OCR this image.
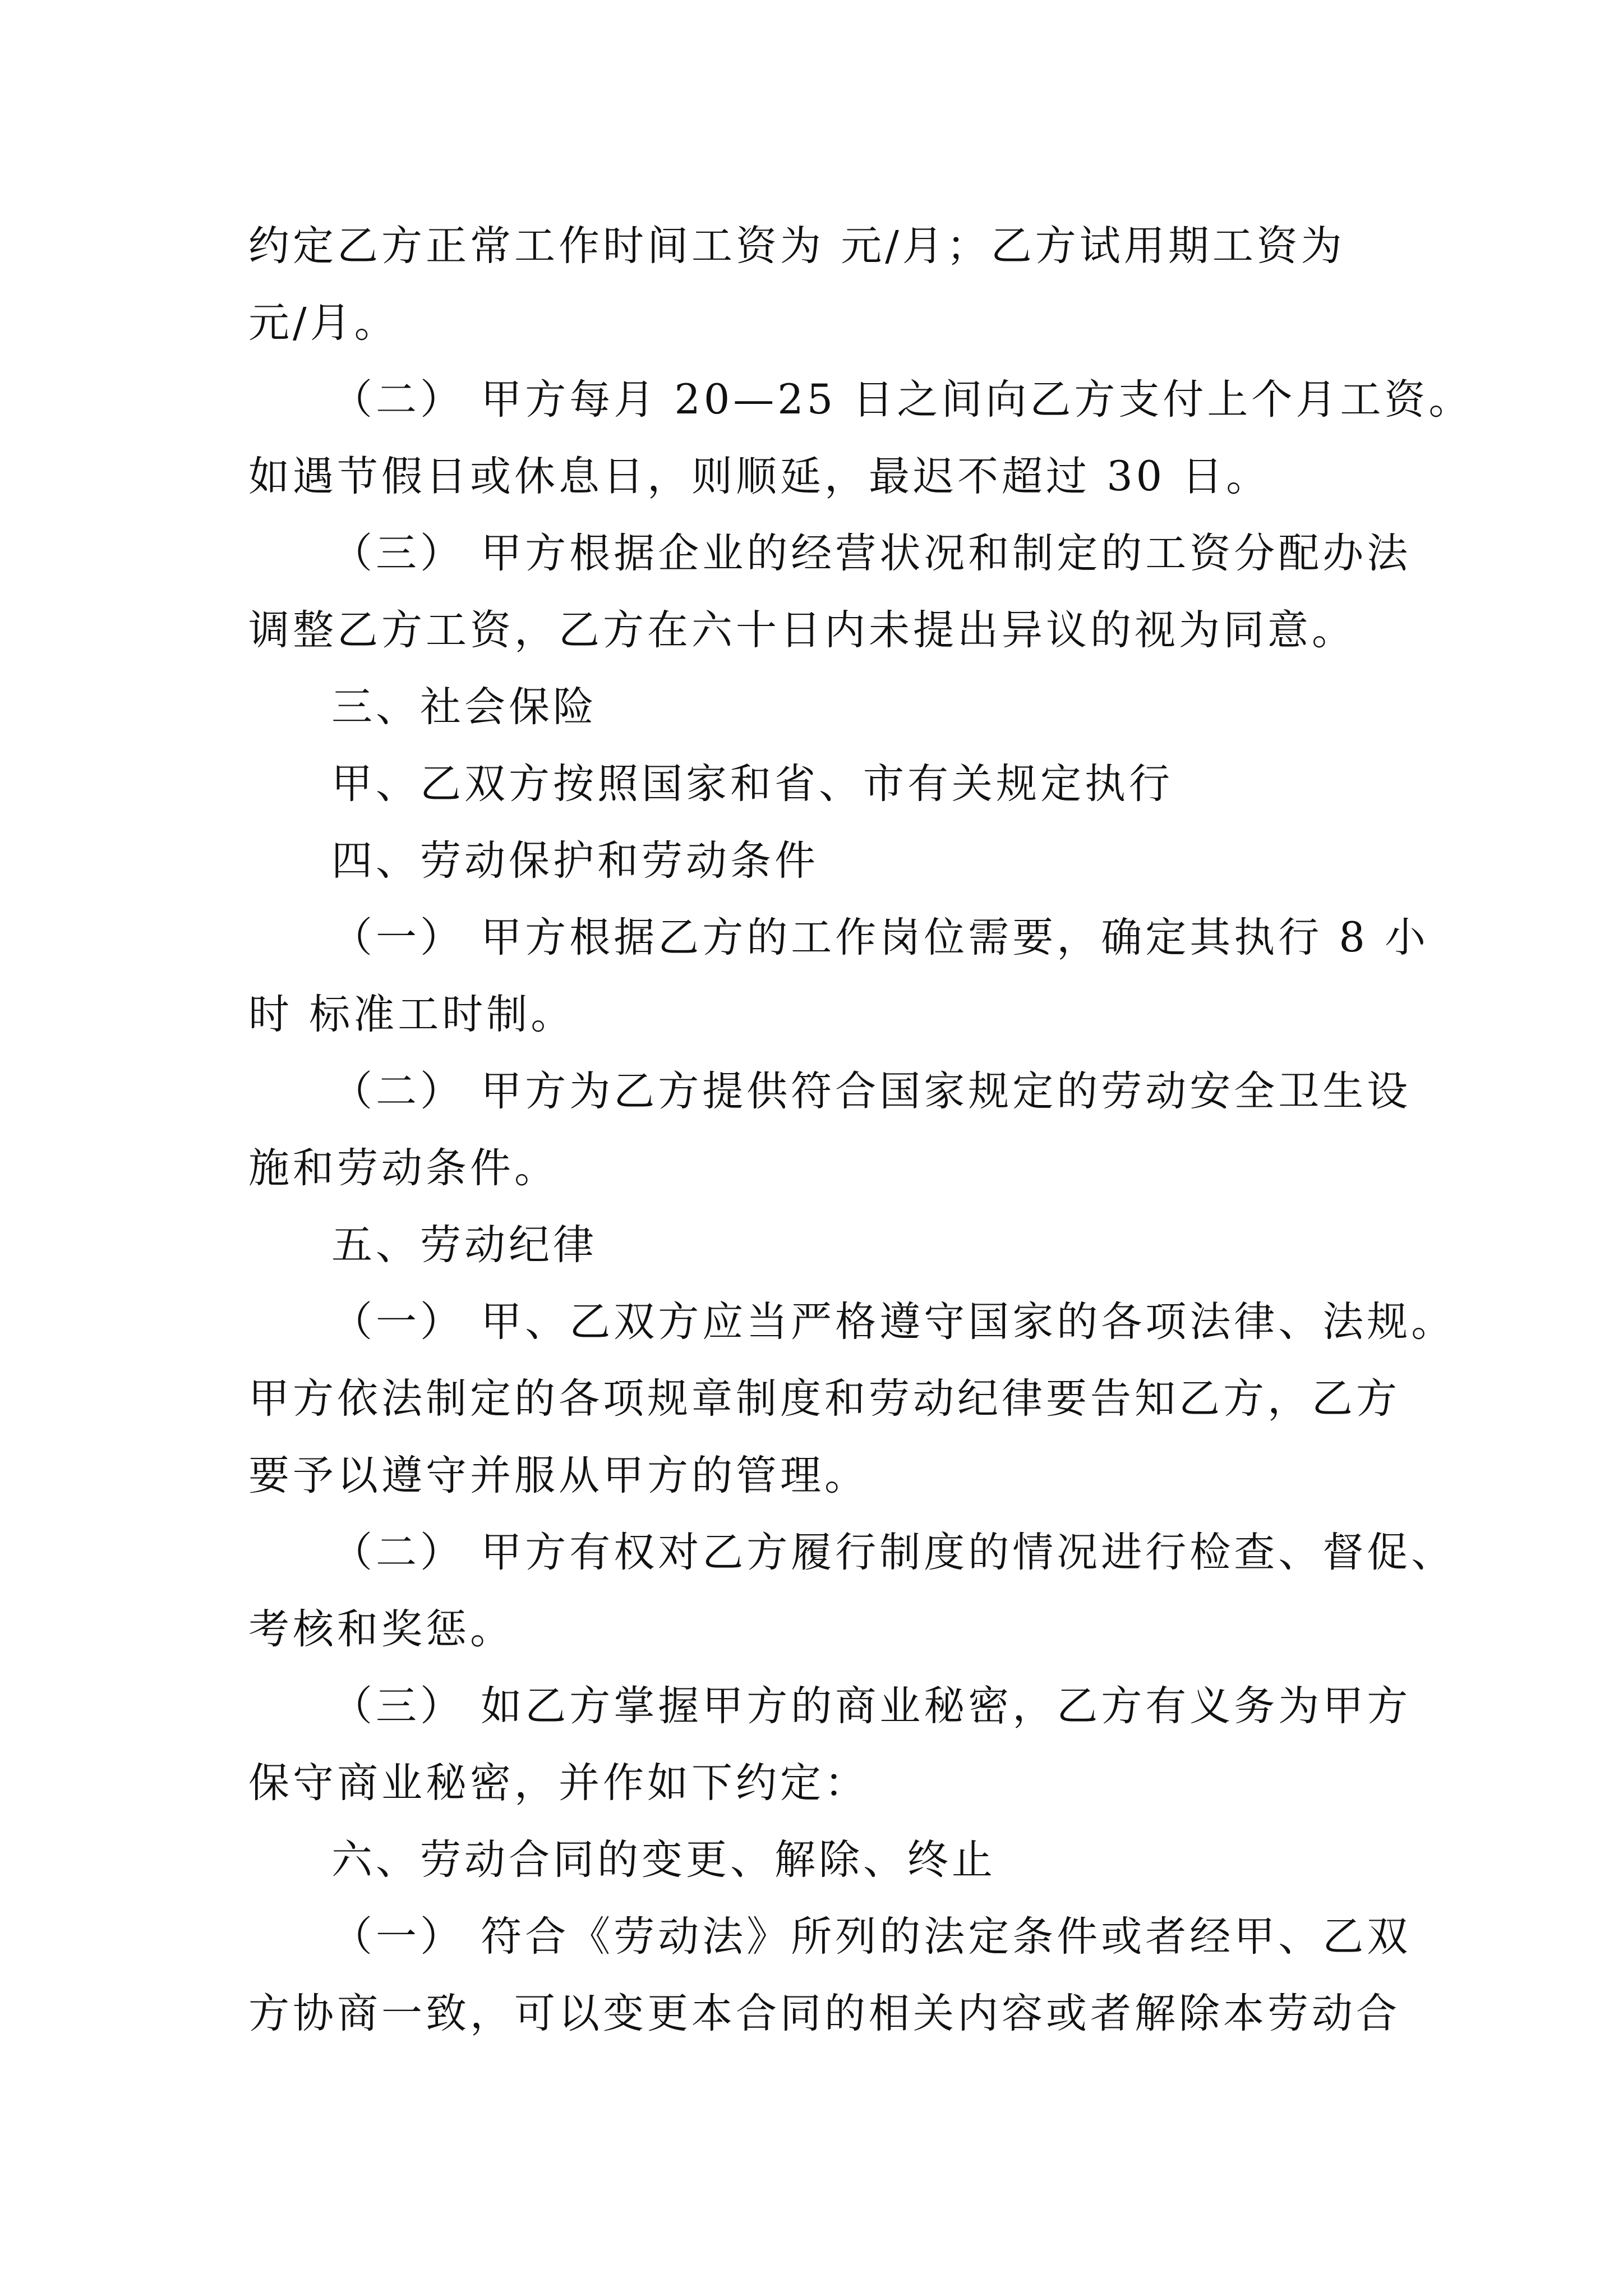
约定乙方正常工作时间工资为 元/月；乙方试用期工资为
元/月。
（二） 甲方每月 20—25 日之间向乙方支付上个月工资。
如遇节假日或休息日，则顺延，最迟不超过 30 日。
（三） 甲方根据企业的经营状况和制定的工资分配办法
调整乙方工资，乙方在六十日内未提出异议的视为同意。
三、社会保险
甲、乙双方按照国家和省、市有关规定执行
四、劳动保护和劳动条件
（一） 甲方根据乙方的工作岗位需要，确定其执行 8 小
时 标准工时制。
（二） 甲方为乙方提供符合国家规定的劳动安全卫生设
施和劳动条件。
五、劳动纪律
（一） 甲、乙双方应当严格遵守国家的各项法律、法规。
甲方依法制定的各项规章制度和劳动纪律要告知乙方，乙方
要予以遵守并服从甲方的管理。
（二） 甲方有权对乙方履行制度的情况进行检查、督促、
考核和奖惩。
（三） 如乙方掌握甲方的商业秘密，乙方有义务为甲方
保守商业秘密，并作如下约定：
六、劳动合同的变更、解除、终止
（一） 符合《劳动法》所列的法定条件或者经甲、乙双
方协商一致，可以变更本合同的相关内容或者解除本劳动合
